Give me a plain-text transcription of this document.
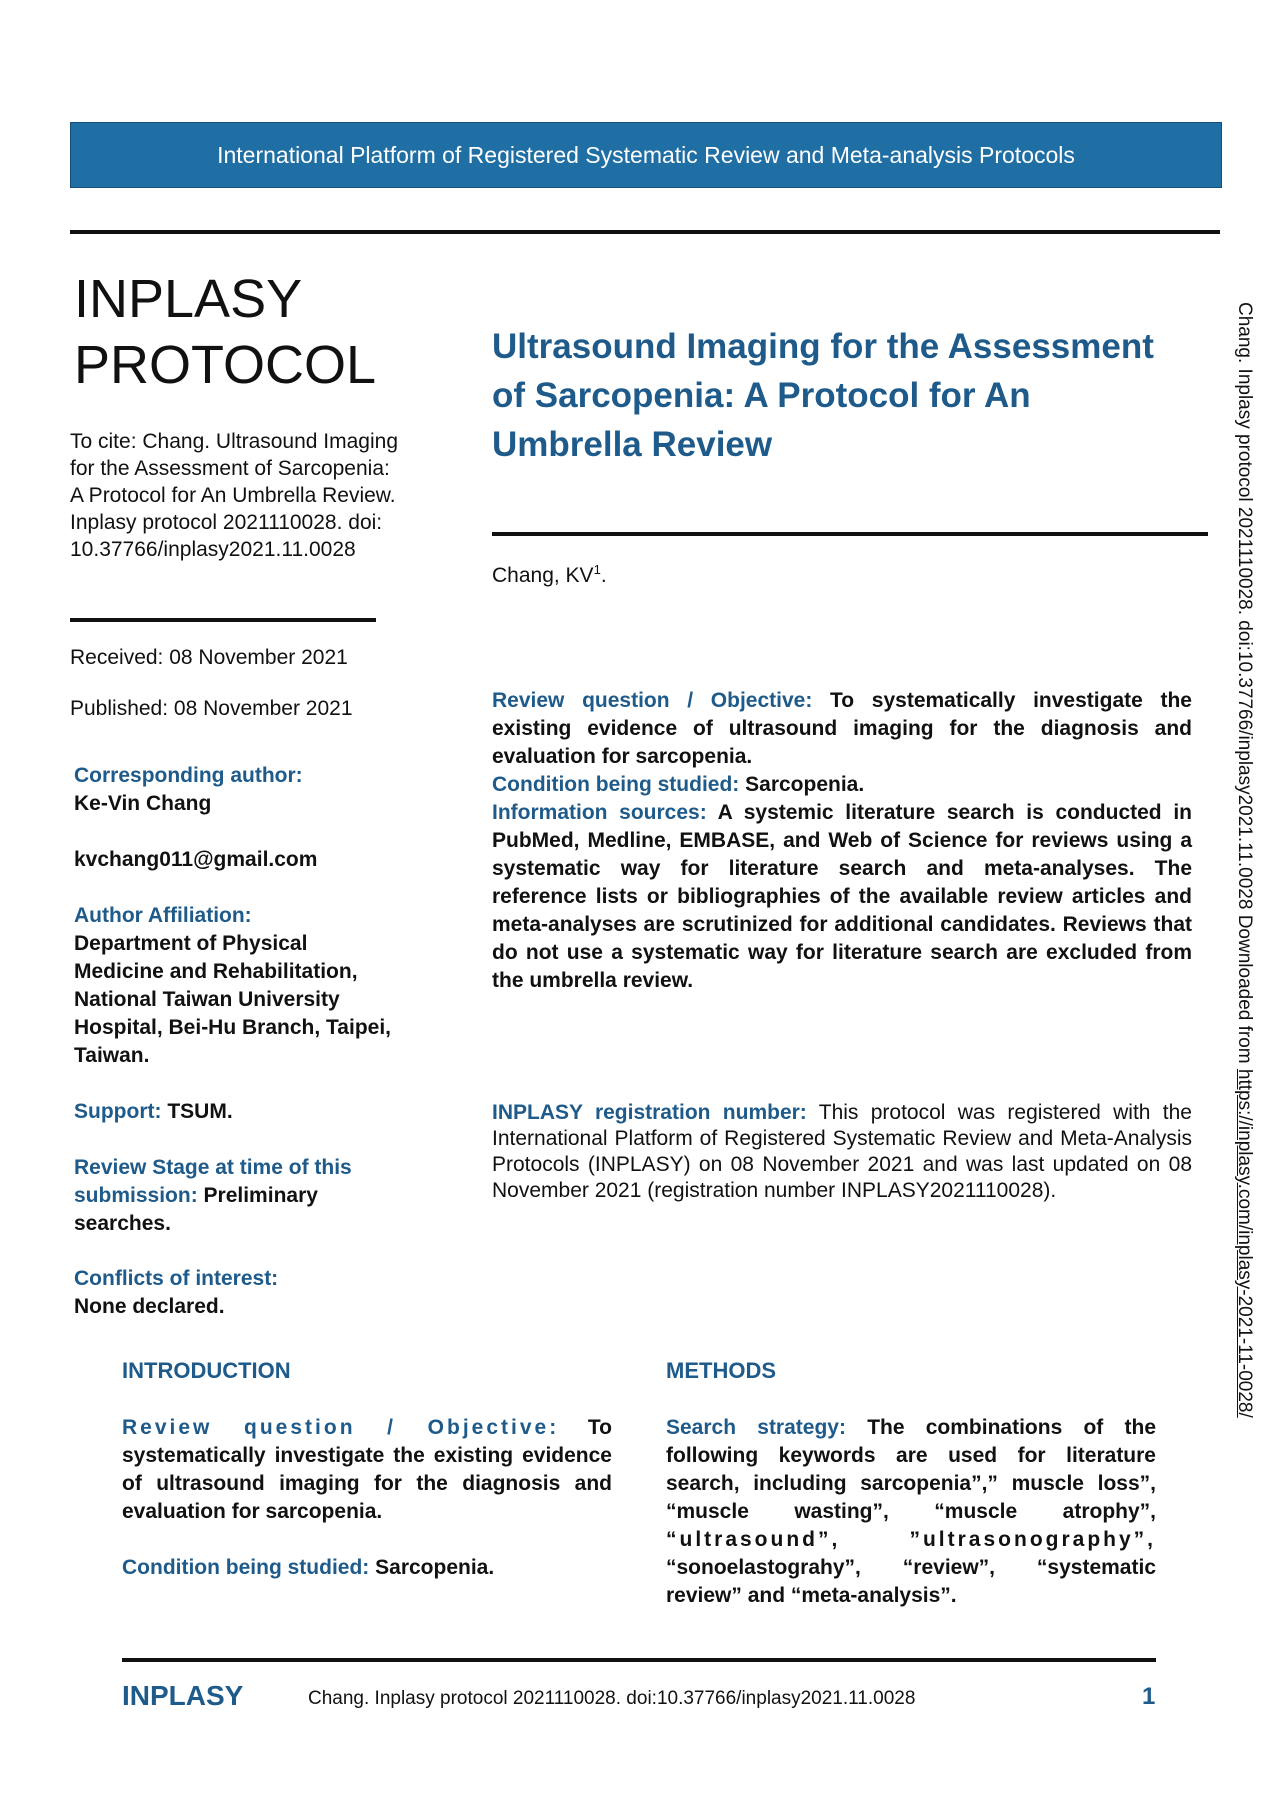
International Platform of Registered Systematic Review and Meta-analysis Protocols
INPLASY
PROTOCOL
To cite: Chang. Ultrasound Imaging for the Assessment of Sarcopenia: A Protocol for An Umbrella Review. Inplasy protocol 2021110028. doi: 10.37766/inplasy2021.11.0028
Received: 08 November 2021
Published: 08 November 2021
Corresponding author:
Ke-Vin Chang
kvchang011@gmail.com
Author Affiliation:
Department of Physical Medicine and Rehabilitation, National Taiwan University Hospital, Bei-Hu Branch, Taipei, Taiwan.
Support: TSUM.
Review Stage at time of this submission: Preliminary searches.
Conflicts of interest:
None declared.
Ultrasound Imaging for the Assessment of Sarcopenia: A Protocol for An Umbrella Review
Chang, $KV^1$.
Review question / Objective: To systematically investigate the existing evidence of ultrasound imaging for the diagnosis and evaluation for sarcopenia.
Condition being studied: Sarcopenia.
Information sources: A systemic literature search is conducted in PubMed, Medline, EMBASE, and Web of Science for reviews using a systematic way for literature search and meta-analyses. The reference lists or bibliographies of the available review articles and meta-analyses are scrutinized for additional candidates. Reviews that do not use a systematic way for literature search are excluded from the umbrella review.
INPLASY registration number: This protocol was registered with the International Platform of Registered Systematic Review and Meta-Analysis Protocols (INPLASY) on 08 November 2021 and was last updated on 08 November 2021 (registration number INPLASY2021110028).
INTRODUCTION
Review question / Objective: To systematically investigate the existing evidence of ultrasound imaging for the diagnosis and evaluation for sarcopenia.
Condition being studied: Sarcopenia.
METHODS
Search strategy: The combinations of the following keywords are used for literature search, including sarcopenia”,” muscle loss”, “muscle wasting”, “muscle atrophy”, “ultrasound”, ”ultrasonography”, “sonoelastograhy”, “review”, “systematic review” and “meta-analysis”.
INPLASY	Chang. Inplasy protocol 2021110028. doi:10.37766/inplasy2021.11.0028	1
Chang. Inplasy protocol 2021110028. doi:10.37766/inplasy2021.11.0028 Downloaded from https://inplasy.com/inplasy-2021-11-0028/
